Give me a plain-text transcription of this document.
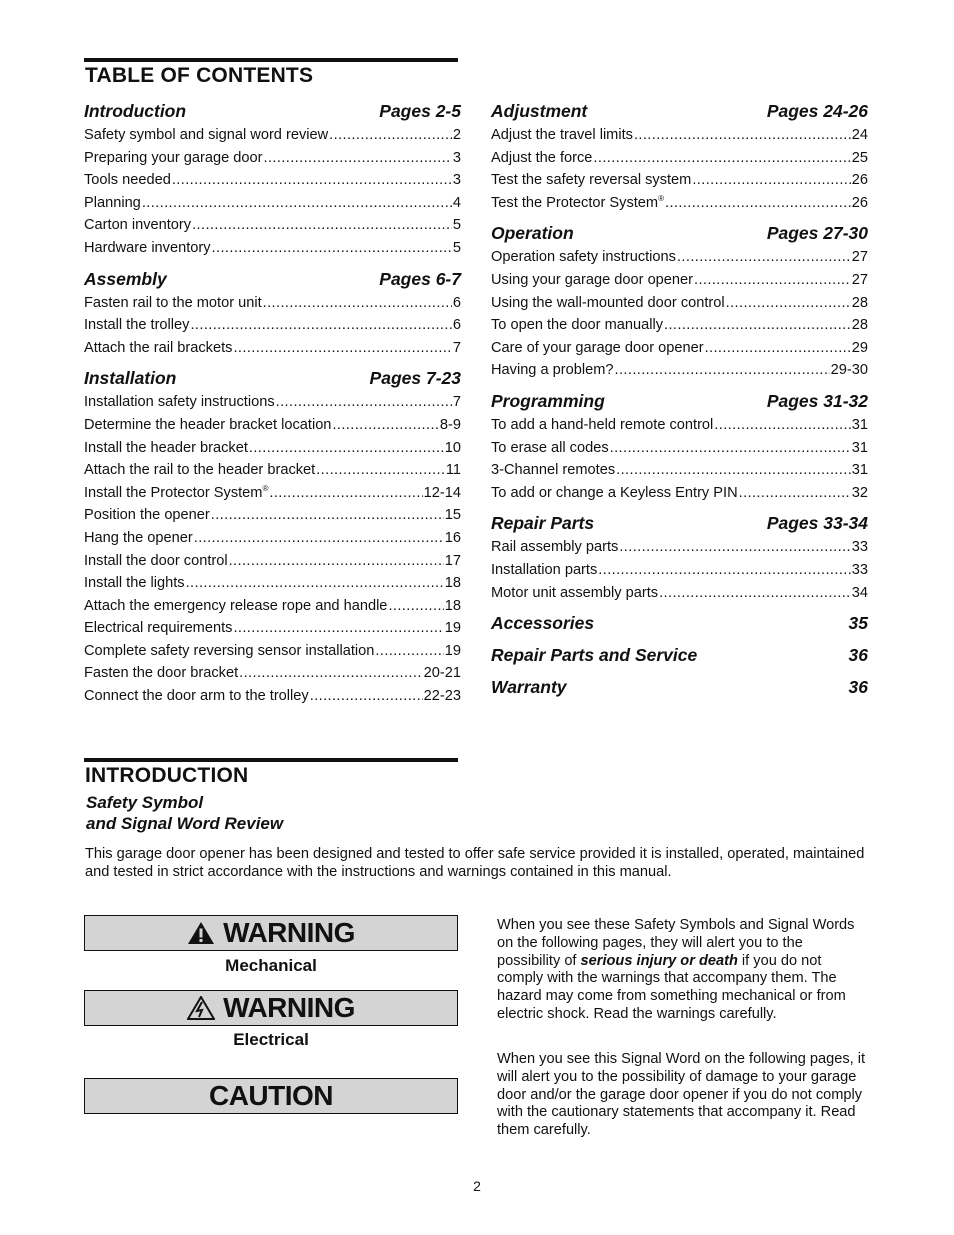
TABLE OF CONTENTS
Introduction	Pages 2-5
Safety symbol and signal word review .....	2
Preparing your garage door .....	3
Tools needed .....	3
Planning .....	4
Carton inventory .....	5
Hardware inventory .....	5
Assembly	Pages 6-7
Fasten rail to the motor unit .....	6
Install the trolley .....	6
Attach the rail brackets .....	7
Installation	Pages 7-23
Installation safety instructions .....	7
Determine the header bracket location .....	8-9
Install the header bracket .....	10
Attach the rail to the header bracket .....	11
Install the Protector System® .....	12-14
Position the opener .....	15
Hang the opener .....	16
Install the door control .....	17
Install the lights .....	18
Attach the emergency release rope and handle .....	18
Electrical requirements .....	19
Complete safety reversing sensor installation .....	19
Fasten the door bracket .....	20-21
Connect the door arm to the trolley .....	22-23
Adjustment	Pages 24-26
Adjust the travel limits .....	24
Adjust the force .....	25
Test the safety reversal system .....	26
Test the Protector System® .....	26
Operation	Pages 27-30
Operation safety instructions .....	27
Using your garage door opener .....	27
Using the wall-mounted door control .....	28
To open the door manually .....	28
Care of your garage door opener .....	29
Having a problem? .....	29-30
Programming	Pages 31-32
To add a hand-held remote control .....	31
To erase all codes .....	31
3-Channel remotes .....	31
To add or change a Keyless Entry PIN .....	32
Repair Parts	Pages 33-34
Rail assembly parts .....	33
Installation parts .....	33
Motor unit assembly parts .....	34
Accessories	35
Repair Parts and Service	36
Warranty	36
INTRODUCTION
Safety Symbol
and Signal Word Review
This garage door opener has been designed and tested to offer safe service provided it is installed, operated, maintained and tested in strict accordance with the instructions and warnings contained in this manual.
WARNING
Mechanical
WARNING
Electrical
CAUTION
When you see these Safety Symbols and Signal Words on the following pages, they will alert you to the possibility of serious injury or death if you do not comply with the warnings that accompany them. The hazard may come from something mechanical or from electric shock. Read the warnings carefully.
When you see this Signal Word on the following pages, it will alert you to the possibility of damage to your garage door and/or the garage door opener if you do not comply with the cautionary statements that accompany it. Read them carefully.
2
